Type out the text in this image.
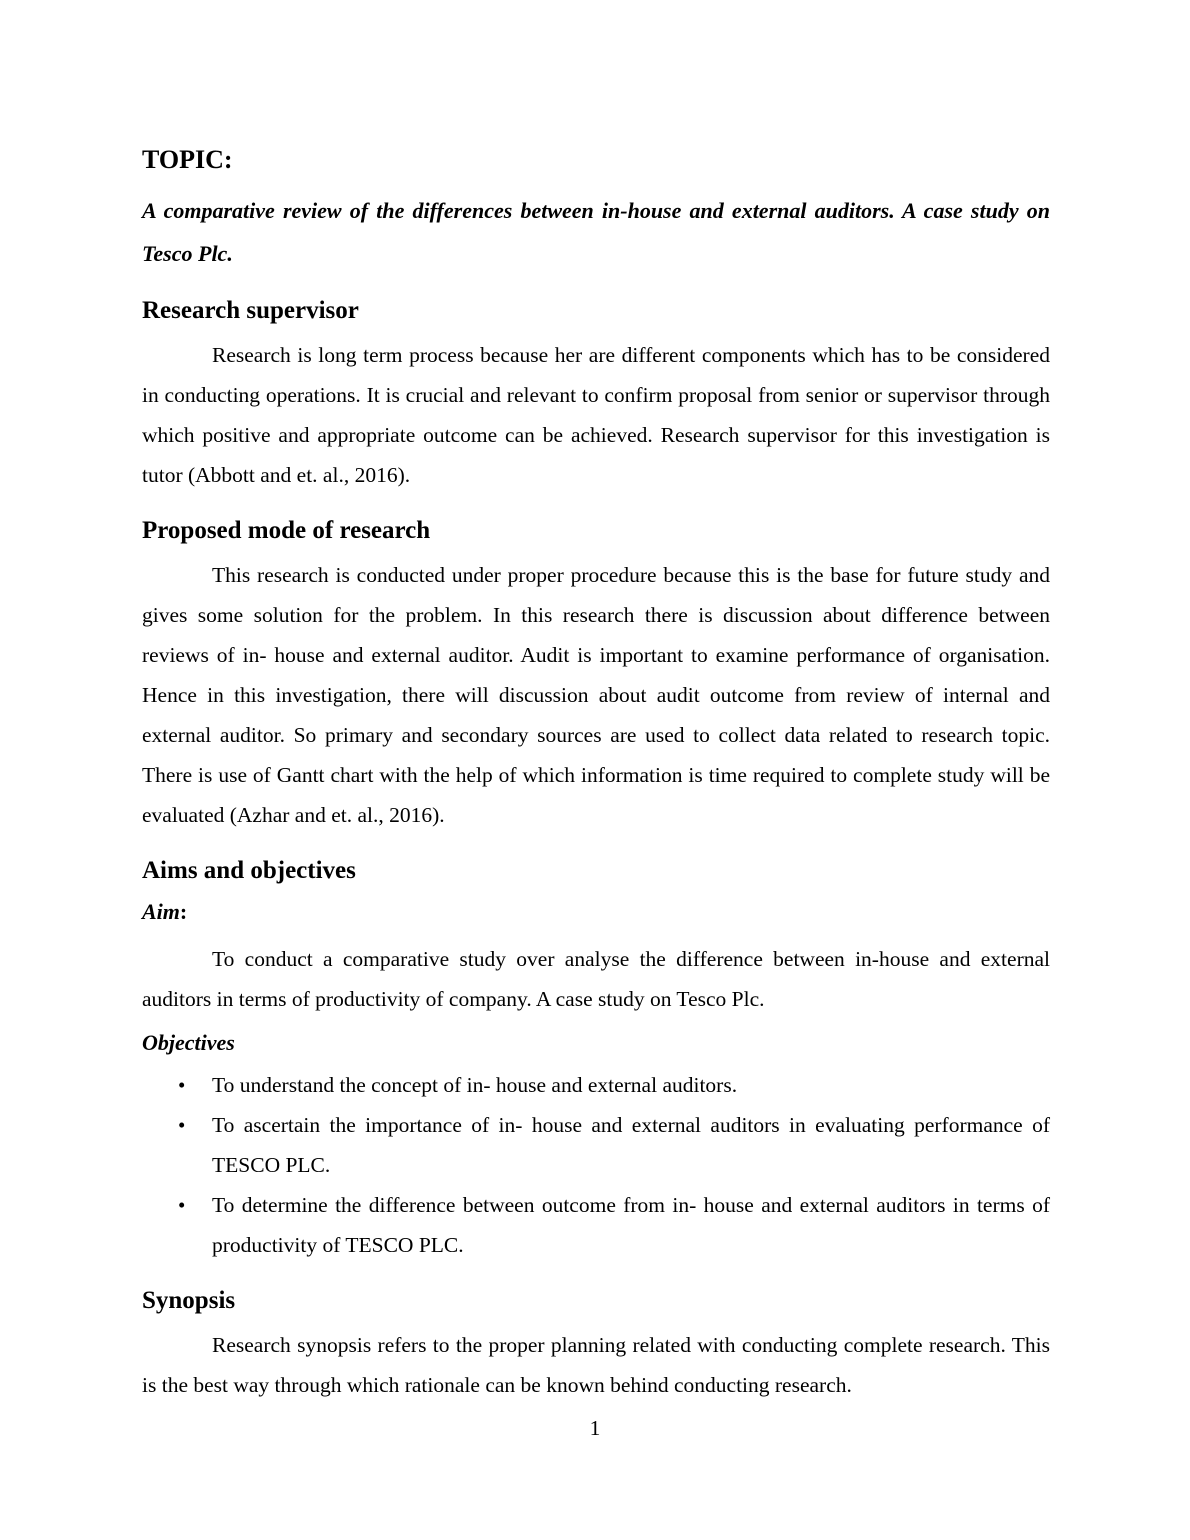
TOPIC:

A comparative review of the differences between in-house and external auditors. A case study on Tesco Plc.

Research supervisor

Research is long term process because her are different components which has to be considered in conducting operations. It is crucial and relevant to confirm proposal from senior or supervisor through which positive and appropriate outcome can be achieved. Research supervisor for this investigation is tutor (Abbott and et. al., 2016).

Proposed mode of research

This research is conducted under proper procedure because this is the base for future study and gives some solution for the problem. In this research there is discussion about difference between reviews of in- house and external auditor. Audit is important to examine performance of organisation. Hence in this investigation, there will discussion about audit outcome from review of internal and external auditor. So primary and secondary sources are used to collect data related to research topic. There is use of Gantt chart with the help of which information is time required to complete study will be evaluated (Azhar and et. al., 2016).

Aims and objectives
Aim:

To conduct a comparative study over analyse the difference between in-house and external auditors in terms of productivity of company. A case study on Tesco Plc.

Objectives
• To understand the concept of in- house and external auditors.
• To ascertain the importance of in- house and external auditors in evaluating performance of TESCO PLC.
• To determine the difference between outcome from in- house and external auditors in terms of productivity of TESCO PLC.
Synopsis

Research synopsis refers to the proper planning related with conducting complete research. This is the best way through which rationale can be known behind conducting research.

1
